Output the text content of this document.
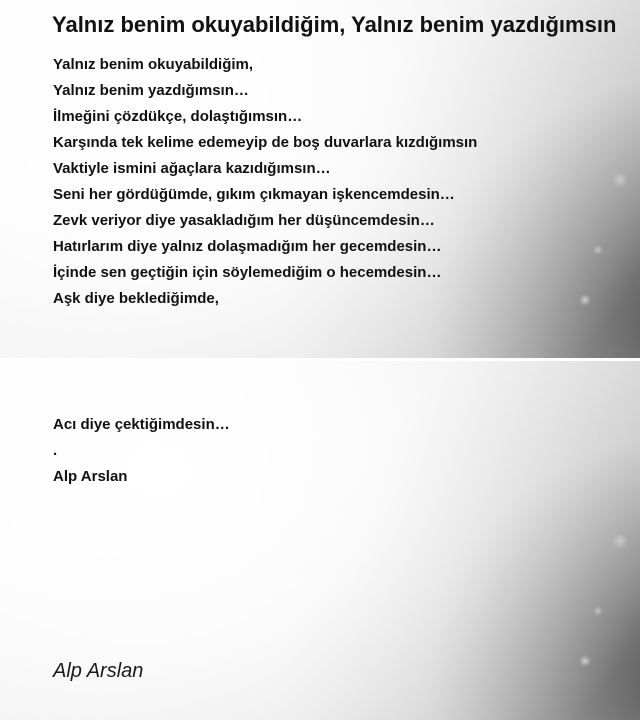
Yalnız benim okuyabildiğim, Yalnız benim yazdığımsın

Yalnız benim okuyabildiğim,

Yalnız benim yazdığımsın…

İlmeğini çözdükçe, dolaştığımsın…

Karşında tek kelime edemeyip de boş duvarlara kızdığımsın

Vaktiyle ismini ağaçlara kazıdığımsın…

Seni her gördüğümde, gıkım çıkmayan işkencemdesin…

Zevk veriyor diye yasakladığım her düşüncemdesin…

Hatırlarım diye yalnız dolaşmadığım her gecemdesin…

İçinde sen geçtiğin için söylemediğim o hecemdesin…

Aşk diye beklediğimde,

Acı diye çektiğimdesin…

.

Alp Arslan

Alp Arslan
